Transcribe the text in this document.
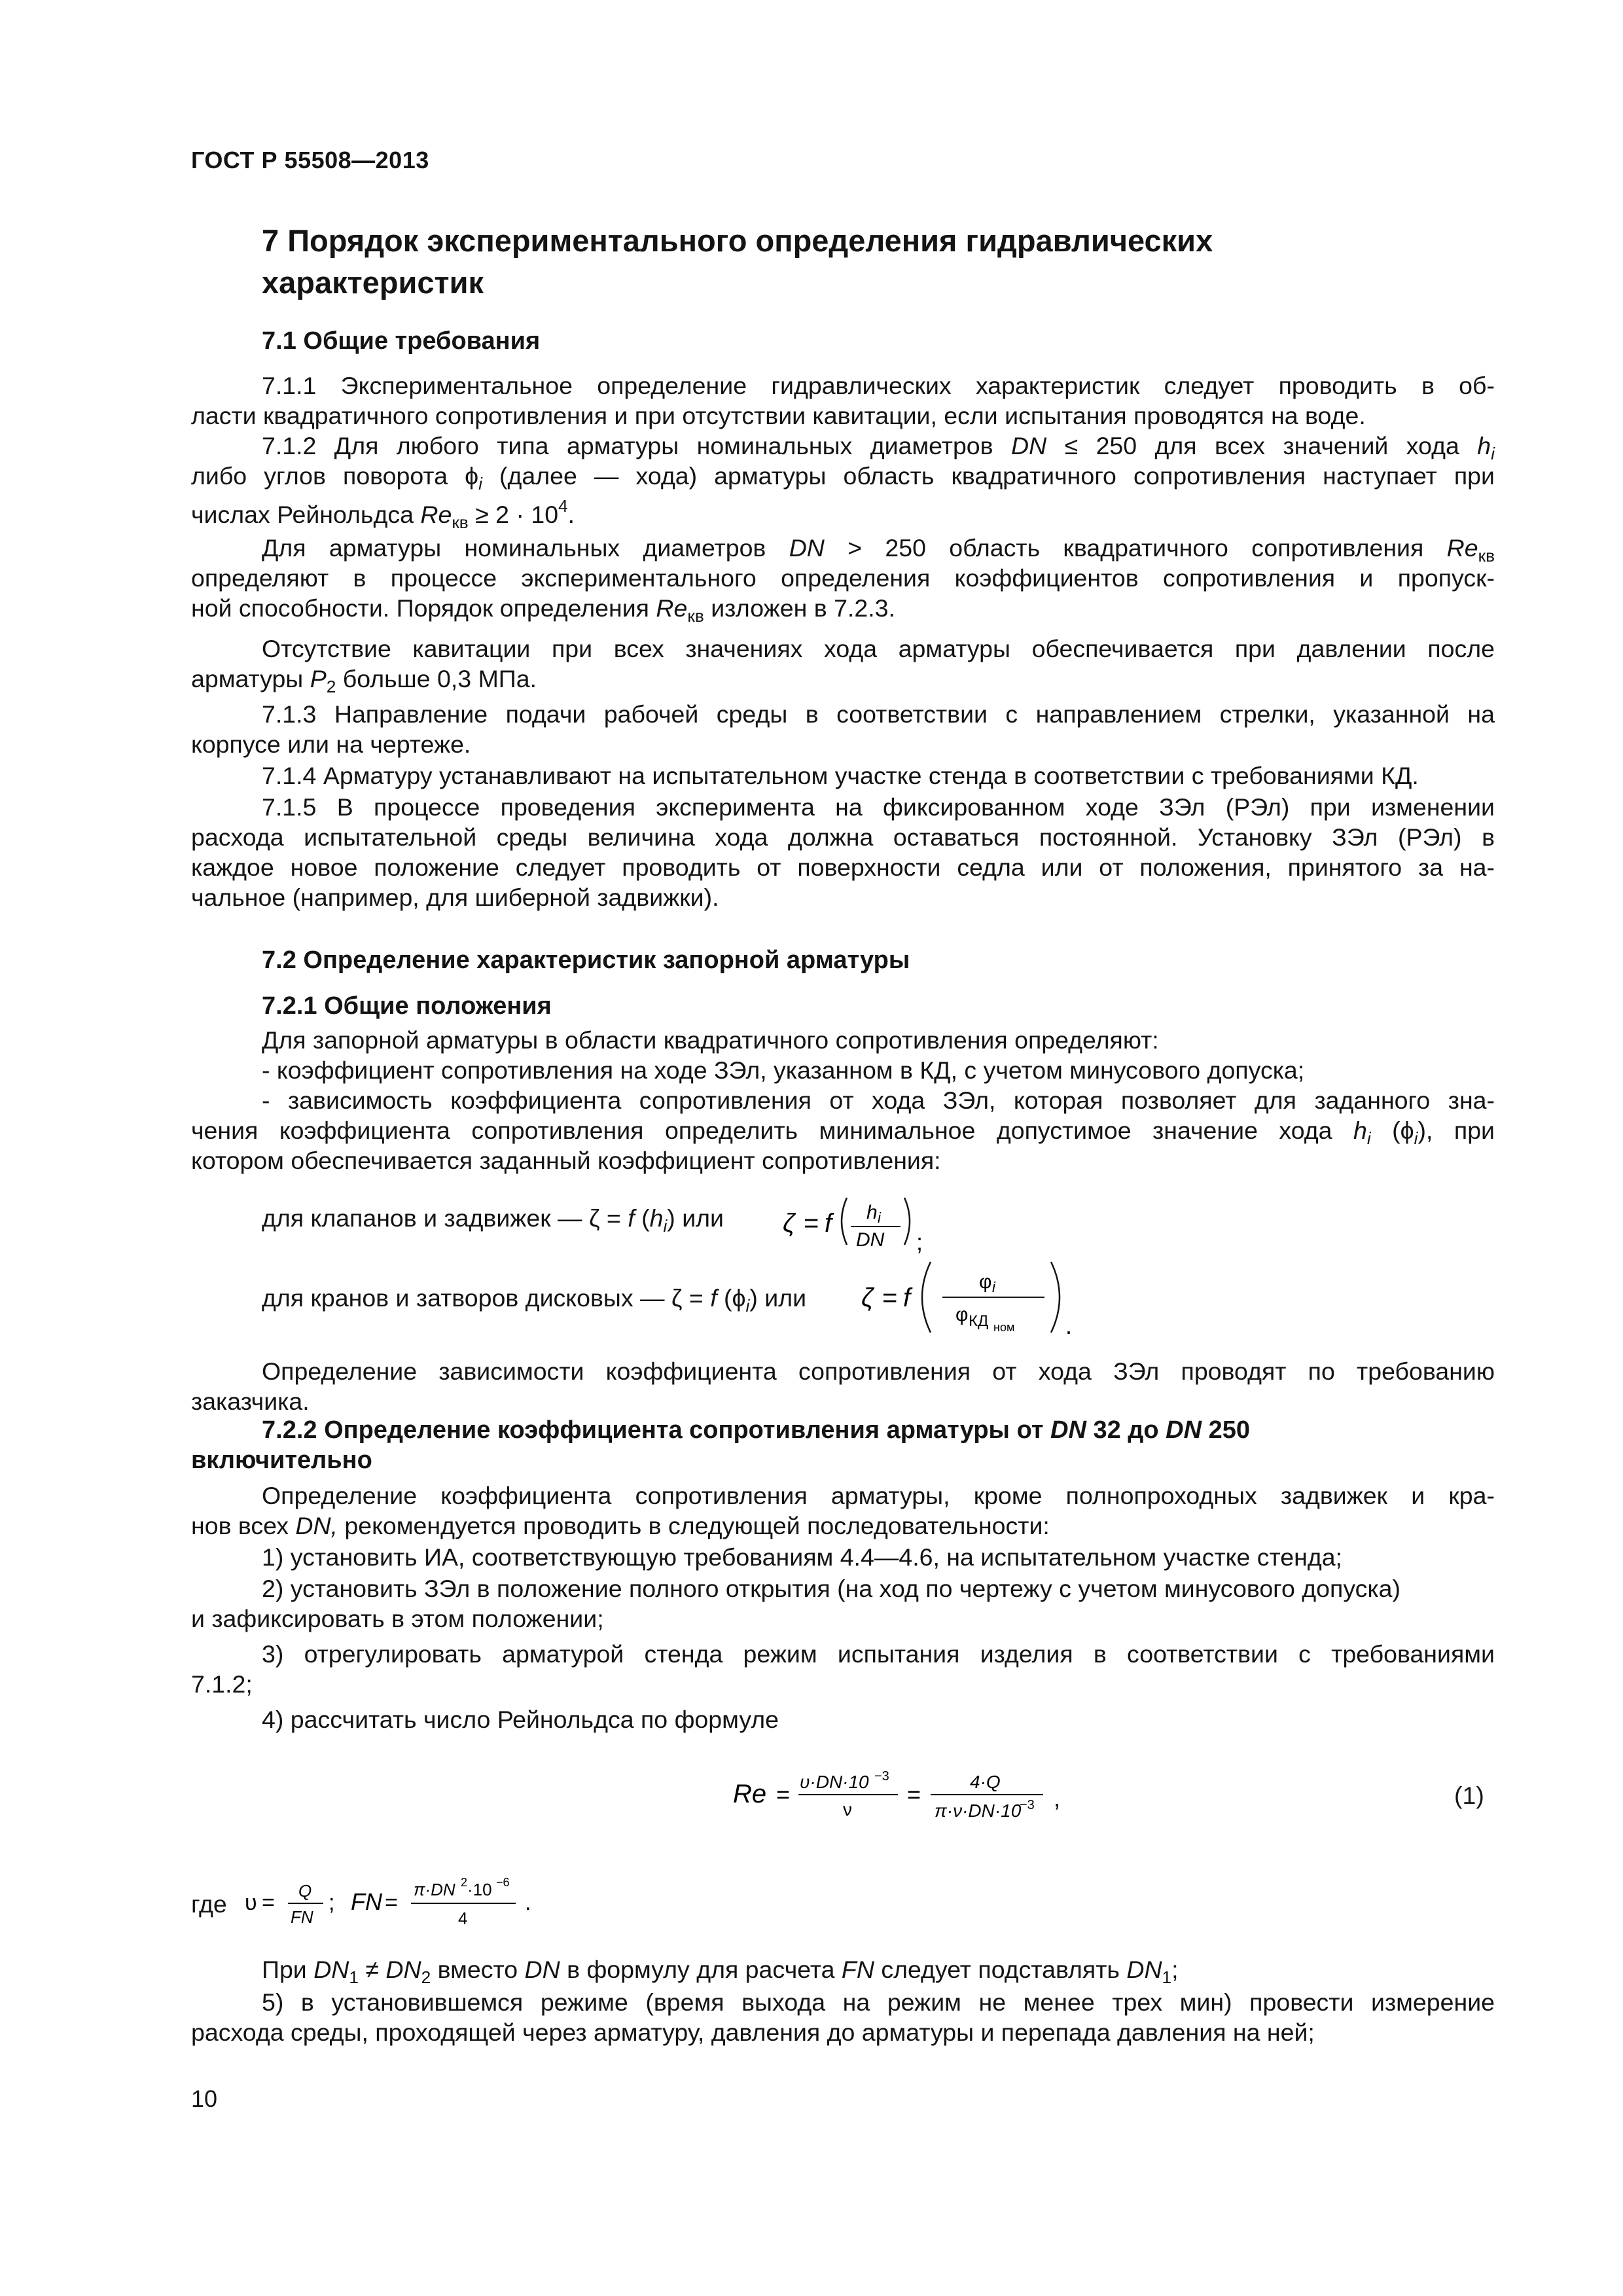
ГОСТ Р 55508—2013
7 Порядок экспериментального определения гидравлических
характеристик
7.1 Общие требования
7.1.1 Экспериментальное определение гидравлических характеристик следует проводить в об-
ласти квадратичного сопротивления и при отсутствии кавитации, если испытания проводятся на воде.
7.1.2 Для любого типа арматуры номинальных диаметров DN ≤ 250 для всех значений хода $h_i$
либо углов поворота $\phi_i$ (далее — хода) арматуры область квадратичного сопротивления наступает при
числах Рейнольдса $Re_{кв} \ge 2 \cdot 10^4$.
Для арматуры номинальных диаметров DN > 250 область квадратичного сопротивления $Re_{кв}$
определяют в процессе экспериментального определения коэффициентов сопротивления и пропуск-
ной способности. Порядок определения $Re_{кв}$ изложен в 7.2.3.
Отсутствие кавитации при всех значениях хода арматуры обеспечивается при давлении после
арматуры $P_2$ больше 0,3 МПа.
7.1.3 Направление подачи рабочей среды в соответствии с направлением стрелки, указанной на
корпусе или на чертеже.
7.1.4 Арматуру устанавливают на испытательном участке стенда в соответствии с требованиями КД.
7.1.5 В процессе проведения эксперимента на фиксированном ходе ЗЭл (РЭл) при изменении
расхода испытательной среды величина хода должна оставаться постоянной. Установку ЗЭл (РЭл) в
каждое новое положение следует проводить от поверхности седла или от положения, принятого за на-
чальное (например, для шиберной задвижки).
7.2 Определение характеристик запорной арматуры
7.2.1 Общие положения
Для запорной арматуры в области квадратичного сопротивления определяют:
- коэффициент сопротивления на ходе ЗЭл, указанном в КД, с учетом минусового допуска;
- зависимость коэффициента сопротивления от хода ЗЭл, которая позволяет для заданного зна-
чения коэффициента сопротивления определить минимальное допустимое значение хода $h_i$ $(\phi_i)$, при
котором обеспечивается заданный коэффициент сопротивления:
для клапанов и задвижек — ζ = f $(h_i)$ или ζ = f h i
DN ;
для кранов и затворов дисковых — ζ = f $(\phi_i)$ или ζ = f
φ i
φ КД ном .
Определение зависимости коэффициента сопротивления от хода ЗЭл проводят по требованию
заказчика.
7.2.2 Определение коэффициента сопротивления арматуры от DN 32 до DN 250
включительно
Определение коэффициента сопротивления арматуры, кроме полнопроходных задвижек и кра-
нов всех DN, рекомендуется проводить в следующей последовательности:
1) установить ИА, соответствующую требованиям 4.4—4.6, на испытательном участке стенда;
2) установить ЗЭл в положение полного открытия (на ход по чертежу с учетом минусового допуска)
и зафиксировать в этом положении;
3) отрегулировать арматурой стенда режим испытания изделия в соответствии с требованиями
7.1.2;
4) рассчитать число Рейнольдса по формуле
Re = υ·DN·10 −3
ν
=	4·Q
π·ν·DN·10
−3 ,	(1)
где υ = Q
FN
; FN =
π·DN 2 ·10 −6
4
.
При $DN_1 \ne DN_2$ вместо DN в формулу для расчета FN следует подставлять $DN_1$;
5) в установившемся режиме (время выхода на режим не менее трех мин) провести измерение
расхода среды, проходящей через арматуру, давления до арматуры и перепада давления на ней;
10
